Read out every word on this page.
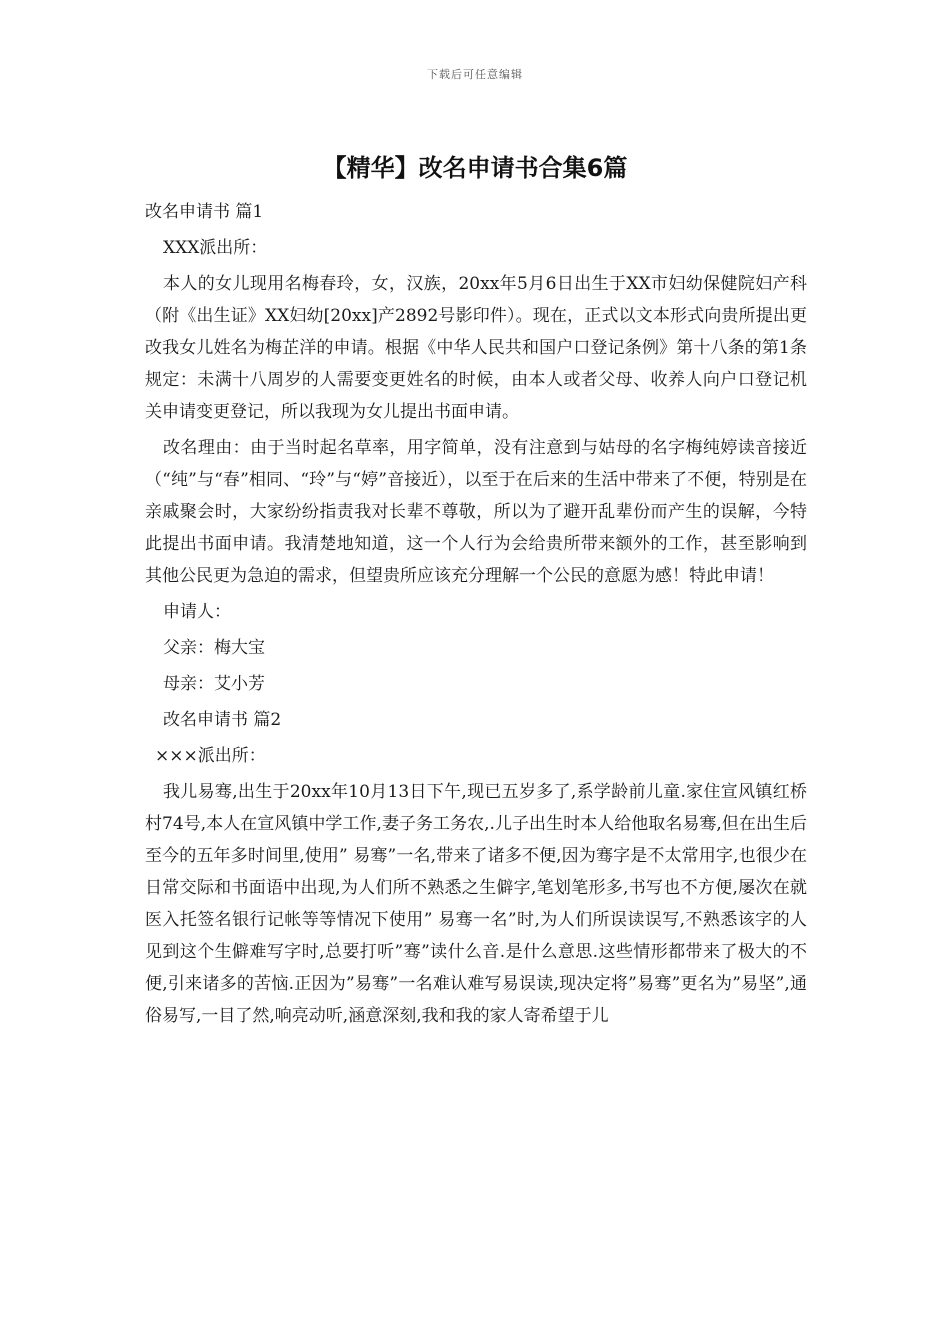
下载后可任意编辑
【精华】改名申请书合集6篇

改名申请书 篇1

XXX派出所：

本人的女儿现用名梅春玲，女，汉族，20xx年5月6日出生于XX市妇幼保健院妇产科（附《出生证》XX妇幼[20xx]产2892号影印件）。现在，正式以文本形式向贵所提出更改我女儿姓名为梅芷洋的申请。根据《中华人民共和国户口登记条例》第十八条的第1条规定：未满十八周岁的人需要变更姓名的时候，由本人或者父母、收养人向户口登记机关申请变更登记，所以我现为女儿提出书面申请。

改名理由：由于当时起名草率，用字简单，没有注意到与姑母的名字梅纯婷读音接近（“纯”与“春”相同、“玲”与“婷”音接近），以至于在后来的生活中带来了不便，特别是在亲戚聚会时，大家纷纷指责我对长辈不尊敬，所以为了避开乱辈份而产生的误解，今特此提出书面申请。我清楚地知道，这一个人行为会给贵所带来额外的工作，甚至影响到其他公民更为急迫的需求，但望贵所应该充分理解一个公民的意愿为感！特此申请！

申请人：

父亲：梅大宝

母亲：艾小芳

改名申请书 篇2

×××派出所：

我儿易骞,出生于20xx年10月13日下午,现已五岁多了,系学龄前儿童.家住宣风镇红桥村74号,本人在宣风镇中学工作,妻子务工务农,.儿子出生时本人给他取名易骞,但在出生后至今的五年多时间里,使用” 易骞”一名,带来了诸多不便,因为骞字是不太常用字,也很少在日常交际和书面语中出现,为人们所不熟悉之生僻字,笔划笔形多,书写也不方便,屡次在就医入托签名银行记帐等等情况下使用” 易骞一名”时,为人们所误读误写,不熟悉该字的人见到这个生僻难写字时,总要打听”骞”读什么音.是什么意思.这些情形都带来了极大的不便,引来诸多的苦恼.正因为”易骞”一名难认难写易误读,现决定将”易骞”更名为”易坚”,通俗易写,一目了然,响亮动听,涵意深刻,我和我的家人寄希望于儿
